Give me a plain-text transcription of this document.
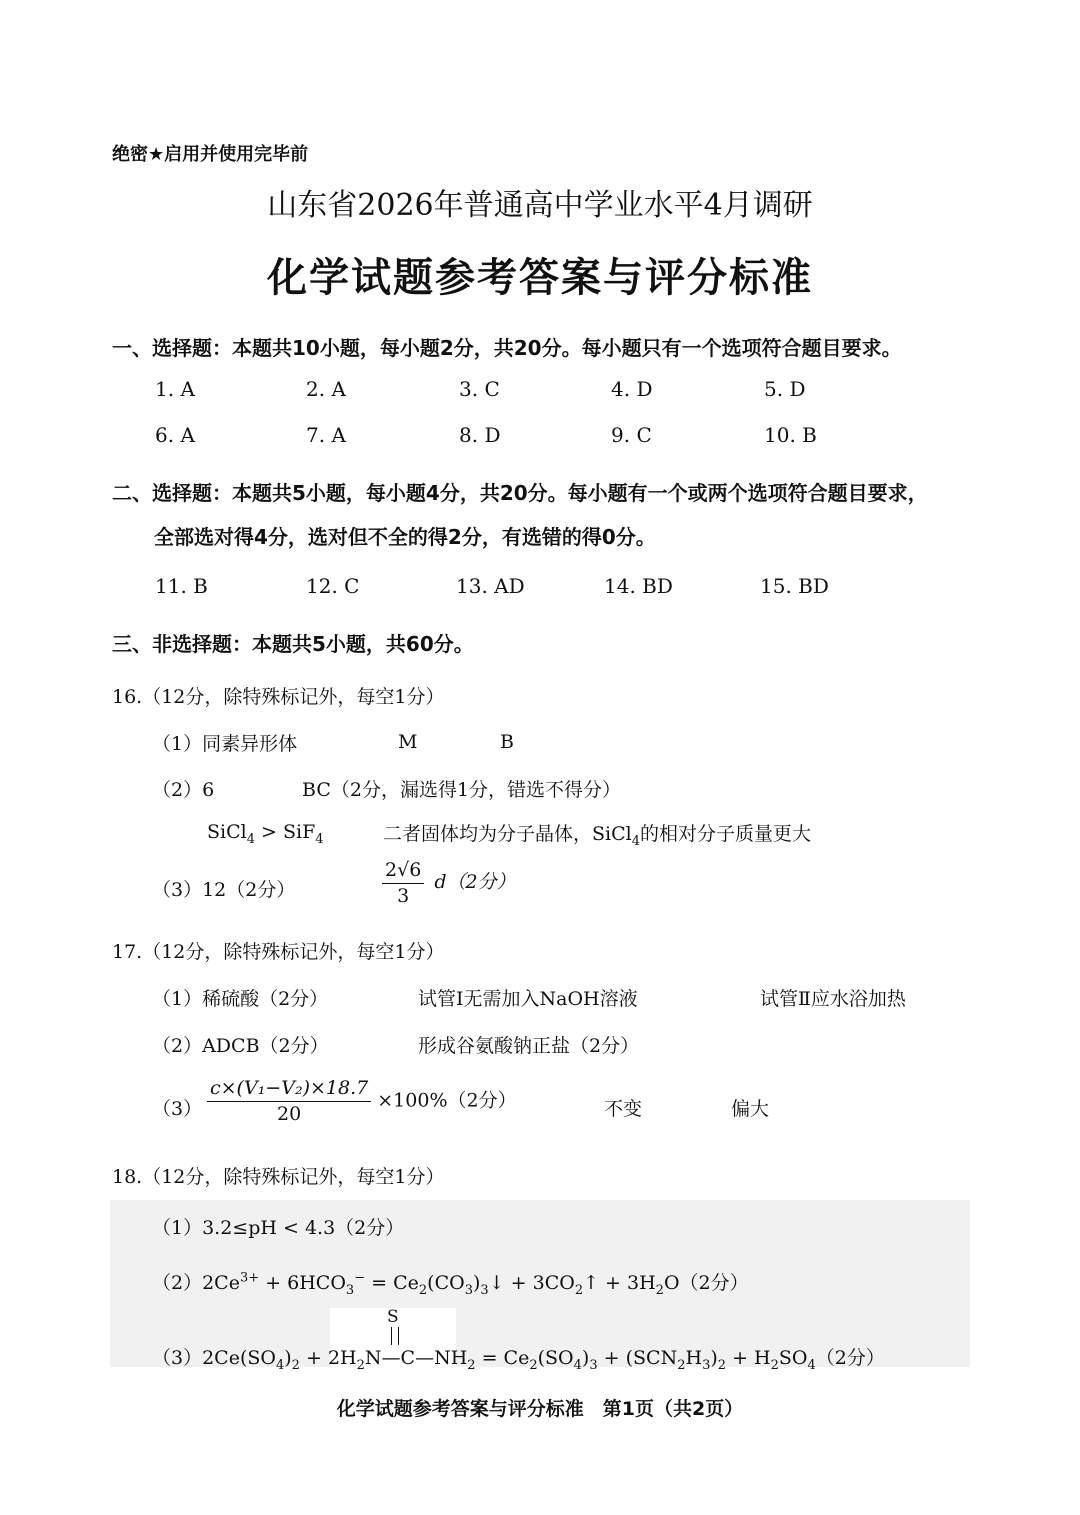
绝密★启用并使用完毕前
山东省2026年普通高中学业水平4月调研
化学试题参考答案与评分标准
一、选择题：本题共10小题，每小题2分，共20分。每小题只有一个选项符合题目要求。
1. A	2. A	3. C	4. D	5. D
6. A	7. A	8. D	9. C	10. B
二、选择题：本题共5小题，每小题4分，共20分。每小题有一个或两个选项符合题目要求，
全部选对得4分，选对但不全的得2分，有选错的得0分。
11. B	12. C	13. AD	14. BD	15. BD
三、非选择题：本题共5小题，共60分。
16.（12分，除特殊标记外，每空1分）
（1）同素异形体	M	B
（2）6	BC（2分，漏选得1分，错选不得分）
SiCl$_4$ > SiF$_4$	二者固体均为分子晶体，SiCl$_4$的相对分子质量更大
（3）12（2分）	$\frac{2√6}{3} d(2$分）
17.（12分，除特殊标记外，每空1分）
（1）稀硫酸（2分）	试管Ⅰ无需加入NaOH溶液	试管Ⅱ应水浴加热
（2）ADCB（2分）	形成谷氨酸钠正盐（2分）
$(3) \frac{\text{c×(V₁−V₂)×18.7}}{20} \times 100\%(2$分）	不变	偏大
18.（12分，除特殊标记外，每空1分）
（1）3.2≤pH < 4.3（2分）
$(2)2Ce^{3+} + 6HCO_3^-$ = $Ce_2(CO_3)_3↓$ + $3CO_2↑ + 3H_2O(2$分）
S
$(3)2Ce(SO_4)_2$ + $2H_2N—C—NH_2 = Ce_2(SO_4)_3 + (SCN_2H_3)_2 + H_2SO_4(2$分）
化学试题参考答案与评分标准　第1页（共2页）
